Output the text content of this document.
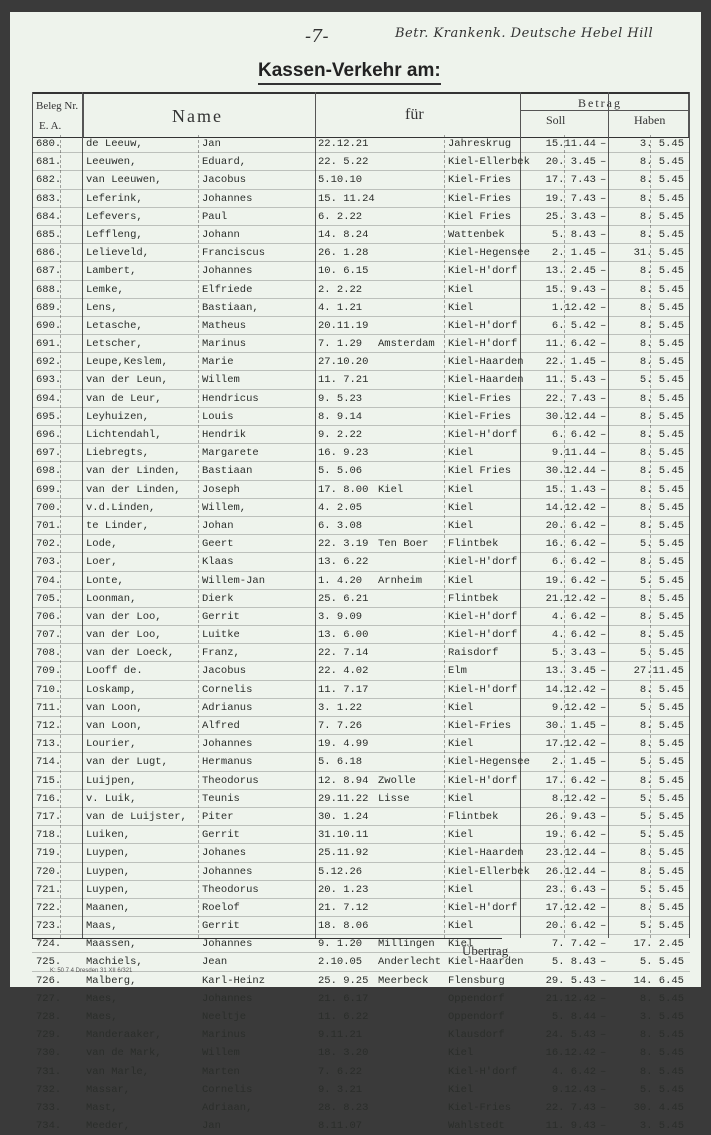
-7-	Betr. Krankenk. Deutsche Hebel Hill
Kassen-Verkehr am:
Beleg Nr.
E. A.	Name	für
Betrag
Soll	Haben
680. de Leeuw,	Jan	22.12.21	Jahreskrug	15.11.44 –	3. 5.45
681. Leeuwen,	Eduard,	22. 5.22	Kiel-Ellerbek	20. 3.45 –	8. 5.45
682. van Leeuwen,	Jacobus	5.10.10	Kiel-Fries	17. 7.43 –	8. 5.45
683. Leferink,	Johannes	15. 11.24	Kiel-Fries	19. 7.43 –	8. 5.45
684. Lefevers,	Paul	6. 2.22	Kiel Fries	25. 3.43 –	8. 5.45
685. Leffleng,	Johann	14. 8.24	Wattenbek	5. 8.43 –	8. 5.45
686. Lelieveld,	Franciscus	26. 1.28	Kiel-Hegensee	2. 1.45 –	31. 5.45
687. Lambert,	Johannes	10. 6.15	Kiel-H'dorf	13. 2.45 –	8. 5.45
688. Lemke,	Elfriede	2. 2.22	Kiel	15. 9.43 –	8. 5.45
689. Lens,	Bastiaan,	4. 1.21	Kiel	1.12.42 –	8. 5.45
690. Letasche,	Matheus	20.11.19	Kiel-H'dorf	6. 5.42 –	8. 5.45
691. Letscher,	Marinus	7. 1.29 Amsterdam Kiel-H'dorf	11. 6.42 –	8. 5.45
692. Leupe,Keslem,	Marie	27.10.20	Kiel-Haarden	22. 1.45 –	8. 5.45
693. van der Leun,	Willem	11. 7.21	Kiel-Haarden	11. 5.43 –	5. 5.45
694. van de Leur,	Hendricus	9. 5.23	Kiel-Fries	22. 7.43 –	8. 5.45
695. Leyhuizen,	Louis	8. 9.14	Kiel-Fries	30.12.44 –	8. 5.45
696. Lichtendahl,	Hendrik	9. 2.22	Kiel-H'dorf	6. 6.42 –	8. 5.45
697. Liebregts,	Margarete	16. 9.23	Kiel	9.11.44 –	8. 5.45
698. van der Linden, Bastiaan	5. 5.06	Kiel Fries	30.12.44 –	8. 5.45
699. van der Linden, Joseph	17. 8.00 Kiel	Kiel	15. 1.43 –	8. 5.45
700. v.d.Linden,	Willem,	4. 2.05	Kiel	14.12.42 –	8. 5.45
701. te Linder,	Johan	6. 3.08	Kiel	20. 6.42 –	8. 5.45
702. Lode,	Geert	22. 3.19 Ten Boer Flintbek	16. 6.42 –	5. 5.45
703. Loer,	Klaas	13. 6.22	Kiel-H'dorf	6. 6.42 –	8. 5.45
704. Lonte,	Willem-Jan	1. 4.20 Arnheim Kiel	19. 6.42 –	5. 5.45
705. Loonman,	Dierk	25. 6.21	Flintbek	21.12.42 –	8. 5.45
706. van der Loo,	Gerrit	3. 9.09	Kiel-H'dorf	4. 6.42 –	8. 5.45
707. van der Loo,	Luitke	13. 6.00	Kiel-H'dorf	4. 6.42 –	8. 5.45
708. van der Loeck,	Franz,	22. 7.14	Raisdorf	5. 3.43 –	5. 5.45
709. Looff de.	Jacobus	22. 4.02	Elm	13. 3.45 –	27.11.45
710. Loskamp,	Cornelis	11. 7.17	Kiel-H'dorf	14.12.42 –	8. 5.45
711. van Loon,	Adrianus	3. 1.22	Kiel	9.12.42 –	5. 5.45
712. van Loon,	Alfred	7. 7.26	Kiel-Fries	30. 1.45 –	8. 5.45
713. Lourier,	Johannes	19. 4.99	Kiel	17.12.42 –	8. 5.45
714. van der Lugt,	Hermanus	5. 6.18	Kiel-Hegensee	2. 1.45 –	5. 5.45
715. Luijpen,	Theodorus	12. 8.94 Zwolle	Kiel-H'dorf	17. 6.42 –	8. 5.45
716. v. Luik,	Teunis	29.11.22 Lisse	Kiel	8.12.42 –	5. 5.45
717. van de Luijster, Piter	30. 1.24	Flintbek	26. 9.43 –	5. 5.45
718. Luiken,	Gerrit	31.10.11	Kiel	19. 6.42 –	5. 5.45
719. Luypen,	Johanes	25.11.92	Kiel-Haarden	23.12.44 –	8. 5.45
720. Luypen,	Johannes	5.12.26	Kiel-Ellerbek	26.12.44 –	8. 5.45
721. Luypen,	Theodorus	20. 1.23	Kiel	23. 6.43 –	5. 5.45
722. Maanen,	Roelof	21. 7.12	Kiel-H'dorf	17.12.42 –	8. 5.45
723. Maas,	Gerrit	18. 8.06	Kiel	20. 6.42 –	5. 5.45
724. Maassen,	Johannes	9. 1.20 Millingen Kiel	7. 7.42 –	17. 2.45
725. Machiels,	Jean	2.10.05 Anderlecht Kiel-Haarden	5. 8.43 –	5. 5.45
726. Malberg,	Karl-Heinz	25. 9.25 Meerbeck Flensburg	29. 5.43 –	14. 6.45
727. Maes,	Johannes	21. 6.17	Oppendorf	21.12.42 –	8. 5.45
728. Maes,	Neeltje	11. 6.22	Oppendorf	5. 8.44 –	3. 5.45
729. Manderaaker,	Marinus	9.11.21	Klausdorf	24. 5.43 –	8. 5.45
730. van de Mark,	Willem	18. 3.20	Kiel	16.12.42 –	8. 5.45
731. van Marle,	Marten	7. 6.22	Kiel-H'dorf	4. 6.42 –	8. 5.45
732. Massar,	Cornelis	9. 3.21	Kiel	9.12.43 –	5. 5.45
733. Mast,	Adriaan,	28. 8.23	Kiel-Fries	22. 7.43 –	30. 4.45
734. Meeder,	Jan	8.11.07	Wahlstedt	11. 9.43 –	3. 5.45
Übertrag
K: 50 7 4 Dresden 31 XII 6/321
